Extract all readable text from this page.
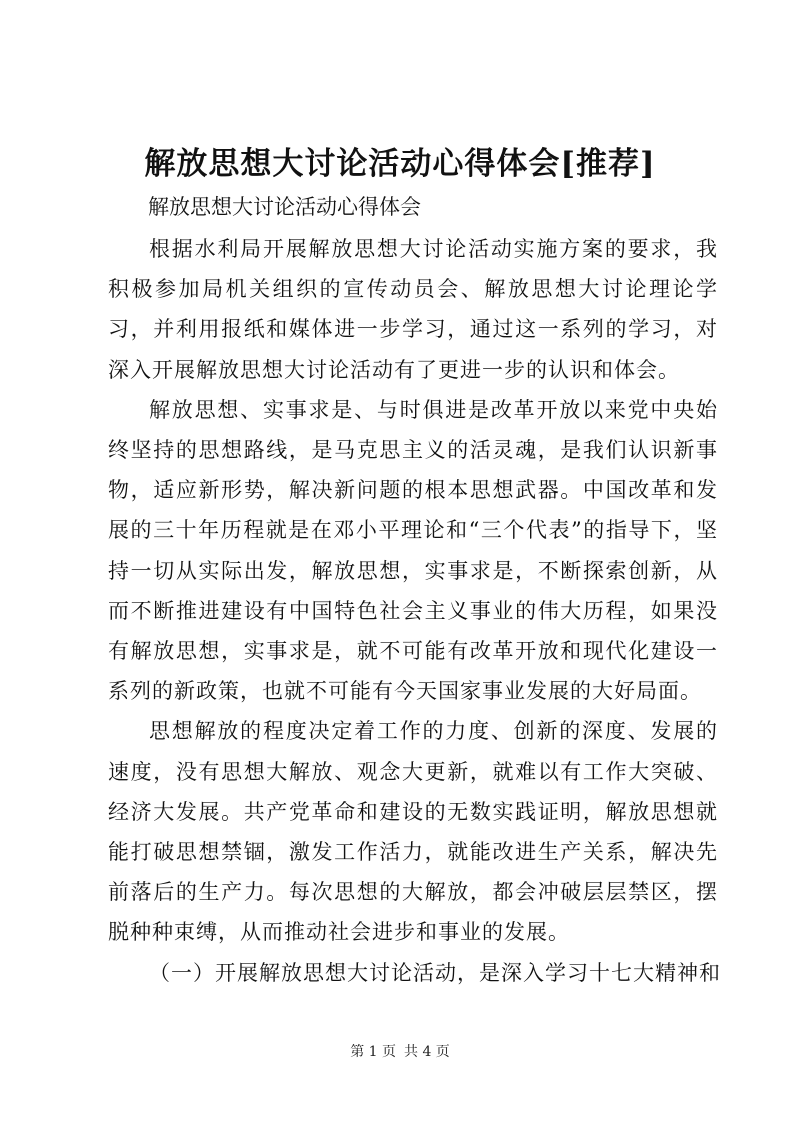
解放思想大讨论活动心得体会[推荐]
解放思想大讨论活动心得体会

根据水利局开展解放思想大讨论活动实施方案的要求，我积极参加局机关组织的宣传动员会、解放思想大讨论理论学习，并利用报纸和媒体进一步学习，通过这一系列的学习，对深入开展解放思想大讨论活动有了更进一步的认识和体会。

解放思想、实事求是、与时俱进是改革开放以来党中央始终坚持的思想路线，是马克思主义的活灵魂，是我们认识新事物，适应新形势，解决新问题的根本思想武器。中国改革和发展的三十年历程就是在邓小平理论和“三个代表”的指导下，坚持一切从实际出发，解放思想，实事求是，不断探索创新，从而不断推进建设有中国特色社会主义事业的伟大历程，如果没有解放思想，实事求是，就不可能有改革开放和现代化建设一系列的新政策，也就不可能有今天国家事业发展的大好局面。

思想解放的程度决定着工作的力度、创新的深度、发展的速度，没有思想大解放、观念大更新，就难以有工作大突破、经济大发展。共产党革命和建设的无数实践证明，解放思想就能打破思想禁锢，激发工作活力，就能改进生产关系，解决先前落后的生产力。每次思想的大解放，都会冲破层层禁区，摆脱种种束缚，从而推动社会进步和事业的发展。

（一）开展解放思想大讨论活动，是深入学习十七大精神和

第 1 页 共 4 页
